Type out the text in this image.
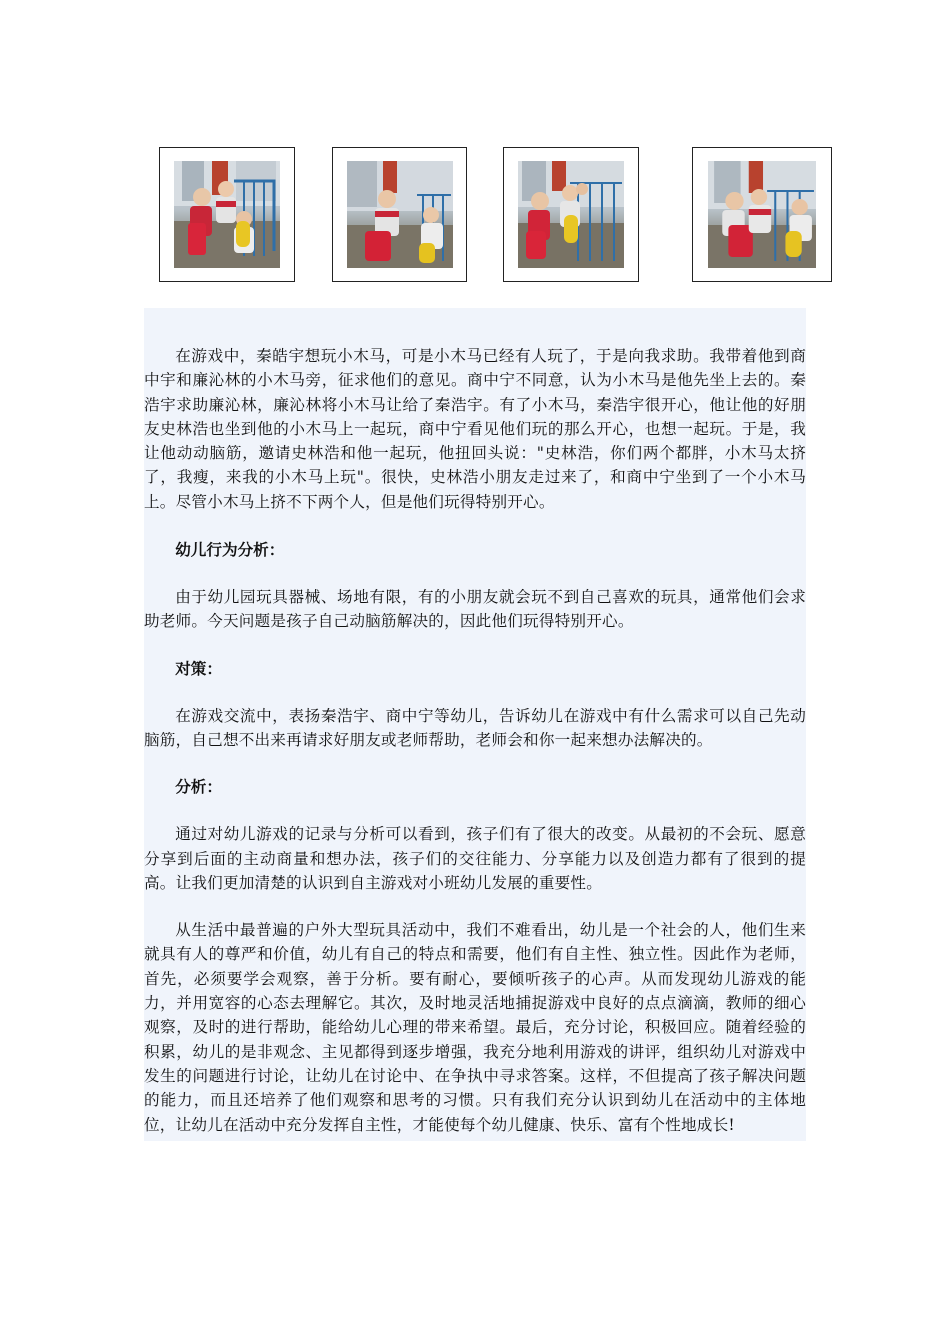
在游戏中，秦皓宇想玩小木马，可是小木马已经有人玩了，于是向我求助。我带着他到商中宇和廉沁林的小木马旁，征求他们的意见。商中宁不同意，认为小木马是他先坐上去的。秦浩宇求助廉沁林，廉沁林将小木马让给了秦浩宇。有了小木马，秦浩宇很开心，他让他的好朋友史林浩也坐到他的小木马上一起玩，商中宁看见他们玩的那么开心，也想一起玩。于是，我让他动动脑筋，邀请史林浩和他一起玩，他扭回头说："史林浩，你们两个都胖，小木马太挤了，我瘦，来我的小木马上玩"。很快，史林浩小朋友走过来了，和商中宁坐到了一个小木马上。尽管小木马上挤不下两个人，但是他们玩得特别开心。

幼儿行为分析：

由于幼儿园玩具器械、场地有限，有的小朋友就会玩不到自己喜欢的玩具，通常他们会求助老师。今天问题是孩子自己动脑筋解决的，因此他们玩得特别开心。

对策：

在游戏交流中，表扬秦浩宇、商中宁等幼儿，告诉幼儿在游戏中有什么需求可以自己先动脑筋，自己想不出来再请求好朋友或老师帮助，老师会和你一起来想办法解决的。

分析：

通过对幼儿游戏的记录与分析可以看到，孩子们有了很大的改变。从最初的不会玩、愿意分享到后面的主动商量和想办法，孩子们的交往能力、分享能力以及创造力都有了很到的提高。让我们更加清楚的认识到自主游戏对小班幼儿发展的重要性。

从生活中最普遍的户外大型玩具活动中，我们不难看出，幼儿是一个社会的人，他们生来就具有人的尊严和价值，幼儿有自己的特点和需要，他们有自主性、独立性。因此作为老师，首先，必须要学会观察，善于分析。要有耐心，要倾听孩子的心声。从而发现幼儿游戏的能力，并用宽容的心态去理解它。其次，及时地灵活地捕捉游戏中良好的点点滴滴，教师的细心观察，及时的进行帮助，能给幼儿心理的带来希望。最后，充分讨论，积极回应。随着经验的积累，幼儿的是非观念、主见都得到逐步增强，我充分地利用游戏的讲评，组织幼儿对游戏中发生的问题进行讨论，让幼儿在讨论中、在争执中寻求答案。这样，不但提高了孩子解决问题的能力，而且还培养了他们观察和思考的习惯。只有我们充分认识到幼儿在活动中的主体地位，让幼儿在活动中充分发挥自主性，才能使每个幼儿健康、快乐、富有个性地成长!
